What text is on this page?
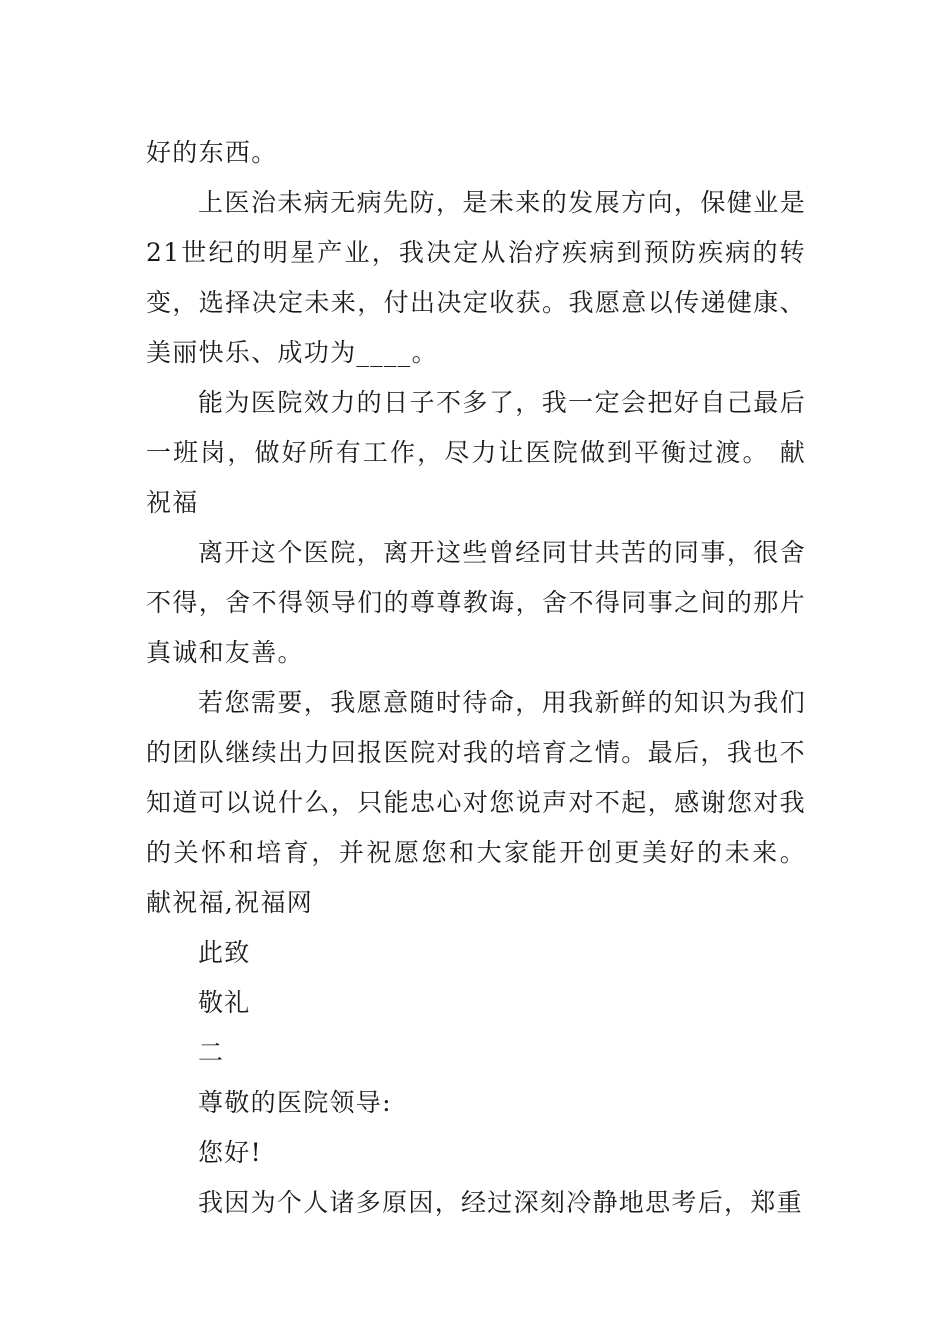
好的东西。

上医治未病无病先防，是未来的发展方向，保健业是21世纪的明星产业，我决定从治疗疾病到预防疾病的转变，选择决定未来，付出决定收获。我愿意以传递健康、美丽快乐、成功为____。

能为医院效力的日子不多了，我一定会把好自己最后一班岗，做好所有工作，尽力让医院做到平衡过渡。 献祝福

离开这个医院，离开这些曾经同甘共苦的同事，很舍不得，舍不得领导们的尊尊教诲，舍不得同事之间的那片真诚和友善。

若您需要，我愿意随时待命，用我新鲜的知识为我们的团队继续出力回报医院对我的培育之情。最后，我也不知道可以说什么，只能忠心对您说声对不起，感谢您对我的关怀和培育，并祝愿您和大家能开创更美好的未来。 献祝福,祝福网

此致

敬礼

二

尊敬的医院领导:

您好!

我因为个人诸多原因，经过深刻冷静地思考后，郑重
